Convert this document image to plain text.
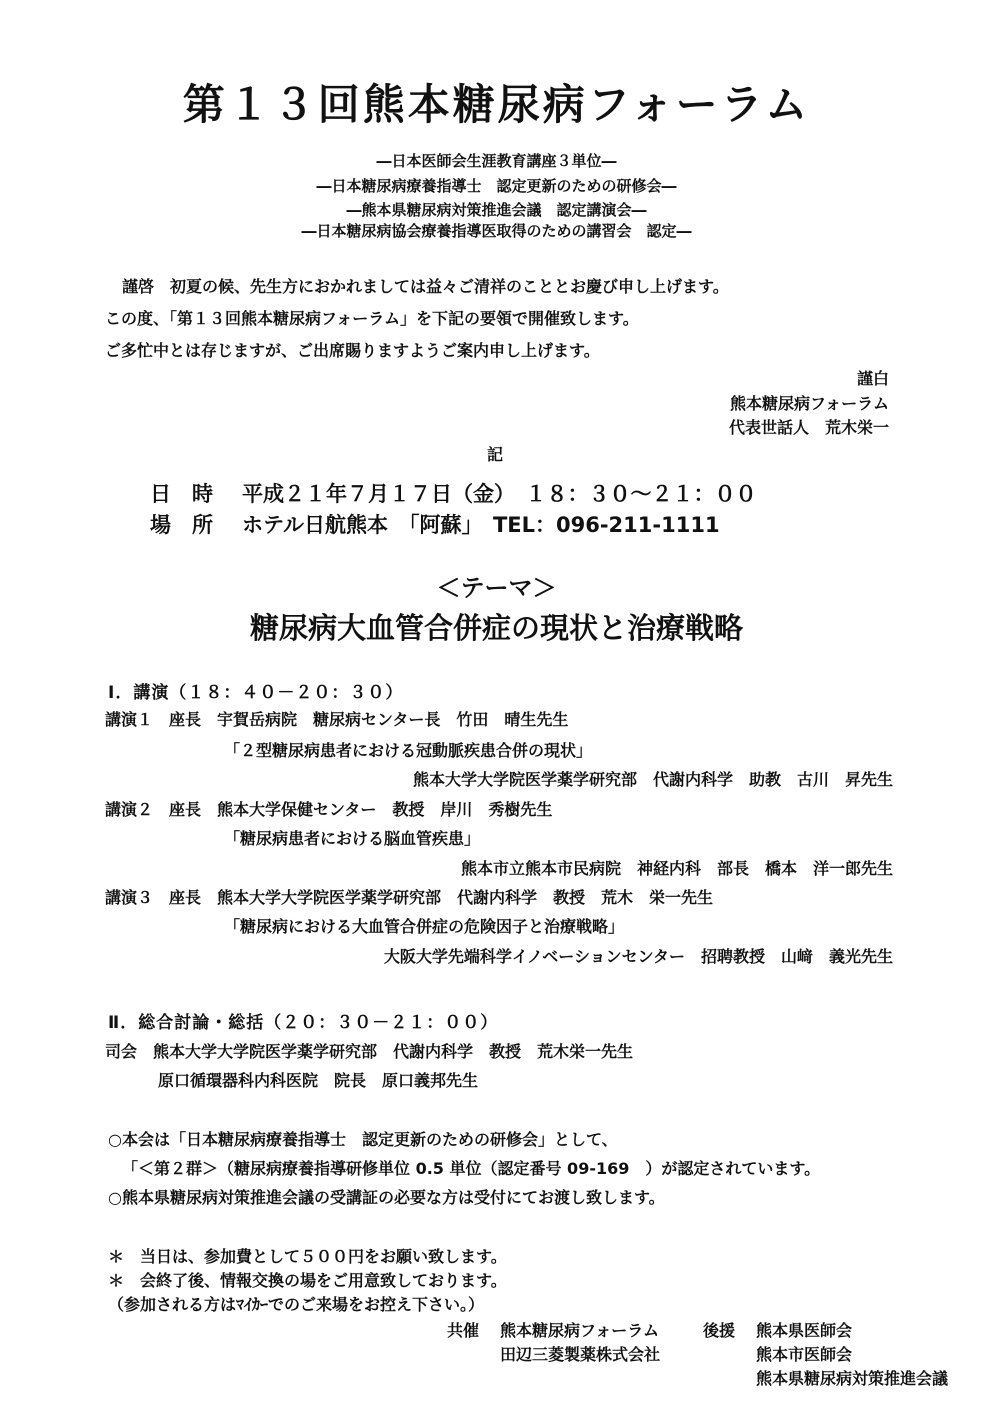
第１３回熊本糖尿病フォーラム
―日本医師会生涯教育講座３単位―
―日本糖尿病療養指導士　認定更新のための研修会―
―熊本県糖尿病対策推進会議　認定講演会―
―日本糖尿病協会療養指導医取得のための講習会　認定―
謹啓　初夏の候、先生方におかれましては益々ご清祥のこととお慶び申し上げます。
この度、「第１３回熊本糖尿病フォーラム」を下記の要領で開催致します。
ご多忙中とは存じますが、ご出席賜りますようご案内申し上げます。
謹白
熊本糖尿病フォーラム
代表世話人　荒木栄一
記
日　時 平成２１年７月１７日（金）　１８：３０～２１：００
場　所 ホテル日航熊本　「阿蘇」　TEL：096-211-1111
＜テーマ＞
糖尿病大血管合併症の現状と治療戦略
Ⅰ．講演（１８：４０－２０：３０）
講演１　座長　宇賀岳病院　糖尿病センター長　竹田　晴生先生
「２型糖尿病患者における冠動脈疾患合併の現状」
熊本大学大学院医学薬学研究部　代謝内科学　助教　古川　昇先生
講演２　座長　熊本大学保健センター　教授　岸川　秀樹先生
「糖尿病患者における脳血管疾患」
熊本市立熊本市民病院　神経内科　部長　橋本　洋一郎先生
講演３　座長　熊本大学大学院医学薬学研究部　代謝内科学　教授　荒木　栄一先生
「糖尿病における大血管合併症の危険因子と治療戦略」
大阪大学先端科学イノベーションセンター　招聘教授　山﨑　義光先生
Ⅱ．総合討論・総括（２０：３０－２１：００）
司会　熊本大学大学院医学薬学研究部　代謝内科学　教授　荒木栄一先生
原口循環器科内科医院　院長　原口義邦先生
○本会は「日本糖尿病療養指導士　認定更新のための研修会」として、
「＜第２群＞（糖尿病療養指導研修単位 0.5 単位（認定番号 09-169　）が認定されています。
○熊本県糖尿病対策推進会議の受講証の必要な方は受付にてお渡し致します。
＊　当日は、参加費として５００円をお願い致します。
＊　会終了後、情報交換の場をご用意致しております。
（参加される方はﾏｲｶｰでのご来場をお控え下さい。）
共催 熊本糖尿病フォーラム
田辺三菱製薬株式会社
後援 熊本県医師会
熊本市医師会
熊本県糖尿病対策推進会議
